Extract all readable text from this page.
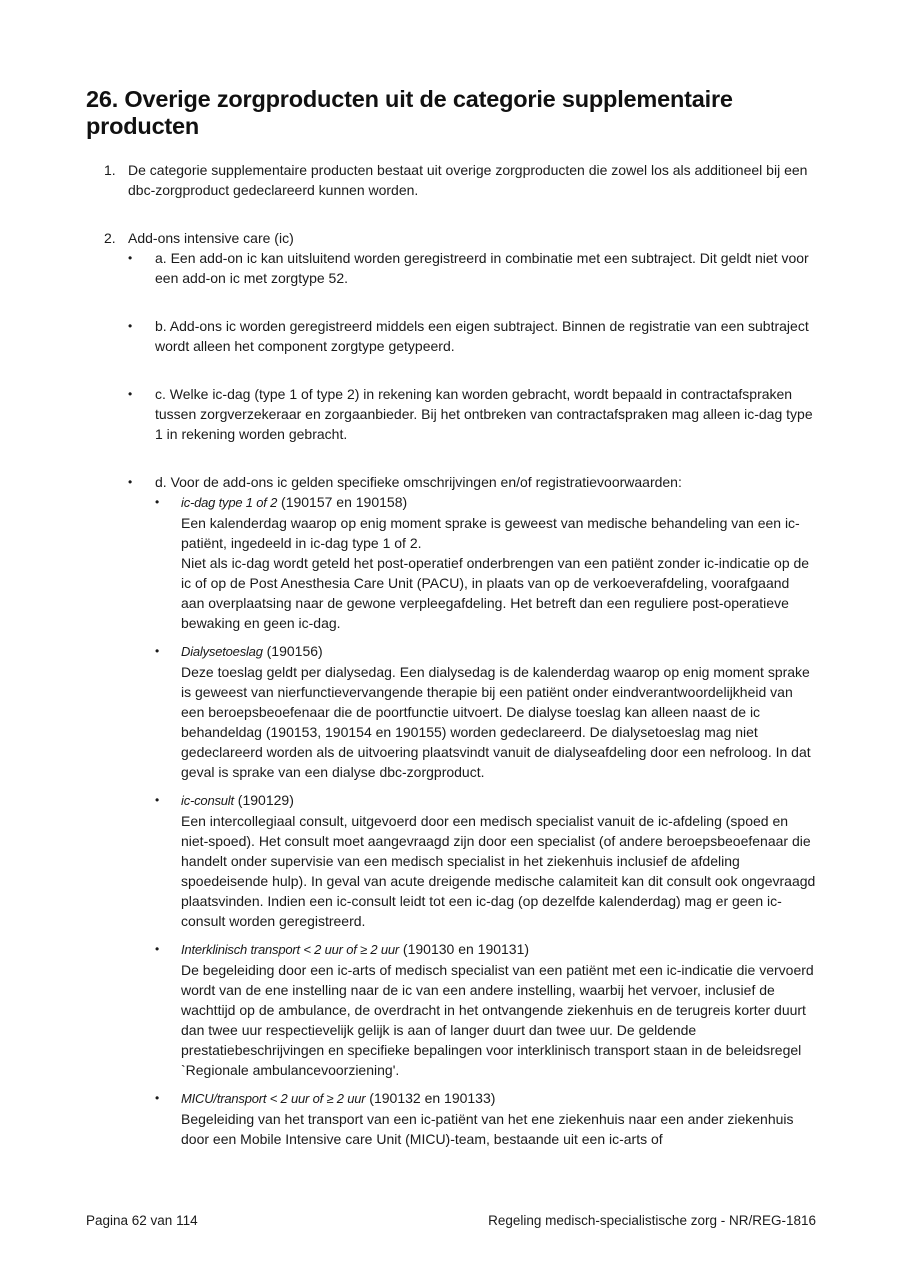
26. Overige zorgproducten uit de categorie supplementaire producten
1. De categorie supplementaire producten bestaat uit overige zorgproducten die zowel los als additioneel bij een dbc-zorgproduct gedeclareerd kunnen worden.

2. Add-ons intensive care (ic)

• a. Een add-on ic kan uitsluitend worden geregistreerd in combinatie met een subtraject. Dit geldt niet voor een add-on ic met zorgtype 52.

• b. Add-ons ic worden geregistreerd middels een eigen subtraject. Binnen de registratie van een subtraject wordt alleen het component zorgtype getypeerd.

• c. Welke ic-dag (type 1 of type 2) in rekening kan worden gebracht, wordt bepaald in contractafspraken tussen zorgverzekeraar en zorgaanbieder. Bij het ontbreken van contractafspraken mag alleen ic-dag type 1 in rekening worden gebracht.

• d. Voor de add-ons ic gelden specifieke omschrijvingen en/of registratievoorwaarden:

• ic-dag type 1 of 2 (190157 en 190158)

Een kalenderdag waarop op enig moment sprake is geweest van medische behandeling van een ic-patiënt, ingedeeld in ic-dag type 1 of 2.

Niet als ic-dag wordt geteld het post-operatief onderbrengen van een patiënt zonder ic-indicatie op de ic of op de Post Anesthesia Care Unit (PACU), in plaats van op de verkoeverafdeling, voorafgaand aan overplaatsing naar de gewone verpleegafdeling. Het betreft dan een reguliere post-operatieve bewaking en geen ic-dag.

• Dialysetoeslag (190156)

Deze toeslag geldt per dialysedag. Een dialysedag is de kalenderdag waarop op enig moment sprake is geweest van nierfunctievervangende therapie bij een patiënt onder eindverantwoordelijkheid van een beroepsbeoefenaar die de poortfunctie uitvoert. De dialyse toeslag kan alleen naast de ic behandeldag (190153, 190154 en 190155) worden gedeclareerd. De dialysetoeslag mag niet gedeclareerd worden als de uitvoering plaatsvindt vanuit de dialyseafdeling door een nefroloog. In dat geval is sprake van een dialyse dbc-zorgproduct.

• ic-consult (190129)

Een intercollegiaal consult, uitgevoerd door een medisch specialist vanuit de ic-afdeling (spoed en niet-spoed). Het consult moet aangevraagd zijn door een specialist (of andere beroepsbeoefenaar die handelt onder supervisie van een medisch specialist in het ziekenhuis inclusief de afdeling spoedeisende hulp). In geval van acute dreigende medische calamiteit kan dit consult ook ongevraagd plaatsvinden. Indien een ic-consult leidt tot een ic-dag (op dezelfde kalenderdag) mag er geen ic-consult worden geregistreerd.

• Interklinisch transport < 2 uur of ≥ 2 uur (190130 en 190131)

De begeleiding door een ic-arts of medisch specialist van een patiënt met een ic-indicatie die vervoerd wordt van de ene instelling naar de ic van een andere instelling, waarbij het vervoer, inclusief de wachttijd op de ambulance, de overdracht in het ontvangende ziekenhuis en de terugreis korter duurt dan twee uur respectievelijk gelijk is aan of langer duurt dan twee uur. De geldende prestatiebeschrijvingen en specifieke bepalingen voor interklinisch transport staan in de beleidsregel `Regionale ambulancevoorziening'.

• MICU/transport < 2 uur of ≥ 2 uur (190132 en 190133)

Begeleiding van het transport van een ic-patiënt van het ene ziekenhuis naar een ander ziekenhuis door een Mobile Intensive care Unit (MICU)-team, bestaande uit een ic-arts of

Pagina 62 van 114	Regeling medisch-specialistische zorg - NR/REG-1816
